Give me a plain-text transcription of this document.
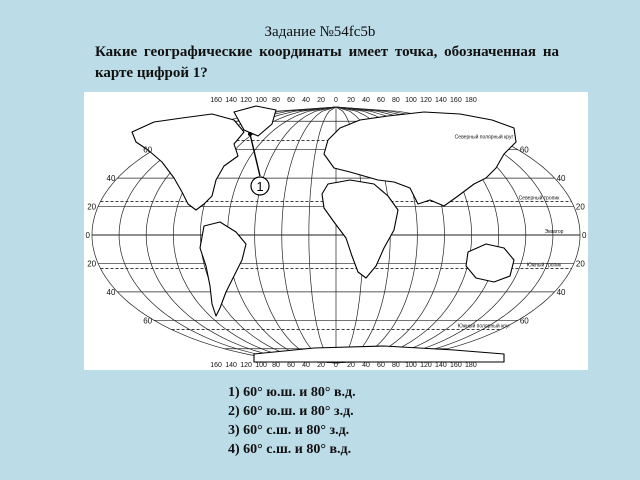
Задание №54fc5b
Какие географические координаты имеет точка, обозначенная на карте цифрой 1?
1
160
160
140
140
120
120
100
100
80
80
60
60
40
40
20
20
0
0
20
20
40
40
60
60
80
80
100
100
120
120
140
140
160
160
180
180
60	60
40	40
20	20
0	0
20	20
40	40
60	60
Северный полярный круг
Северный тропик
Экватор
Южный тропик
Южный полярный круг
1) 60° ю.ш. и 80° в.д.
2) 60° ю.ш. и 80° з.д.
3) 60° с.ш. и 80° з.д.
4) 60° с.ш. и 80° в.д.
